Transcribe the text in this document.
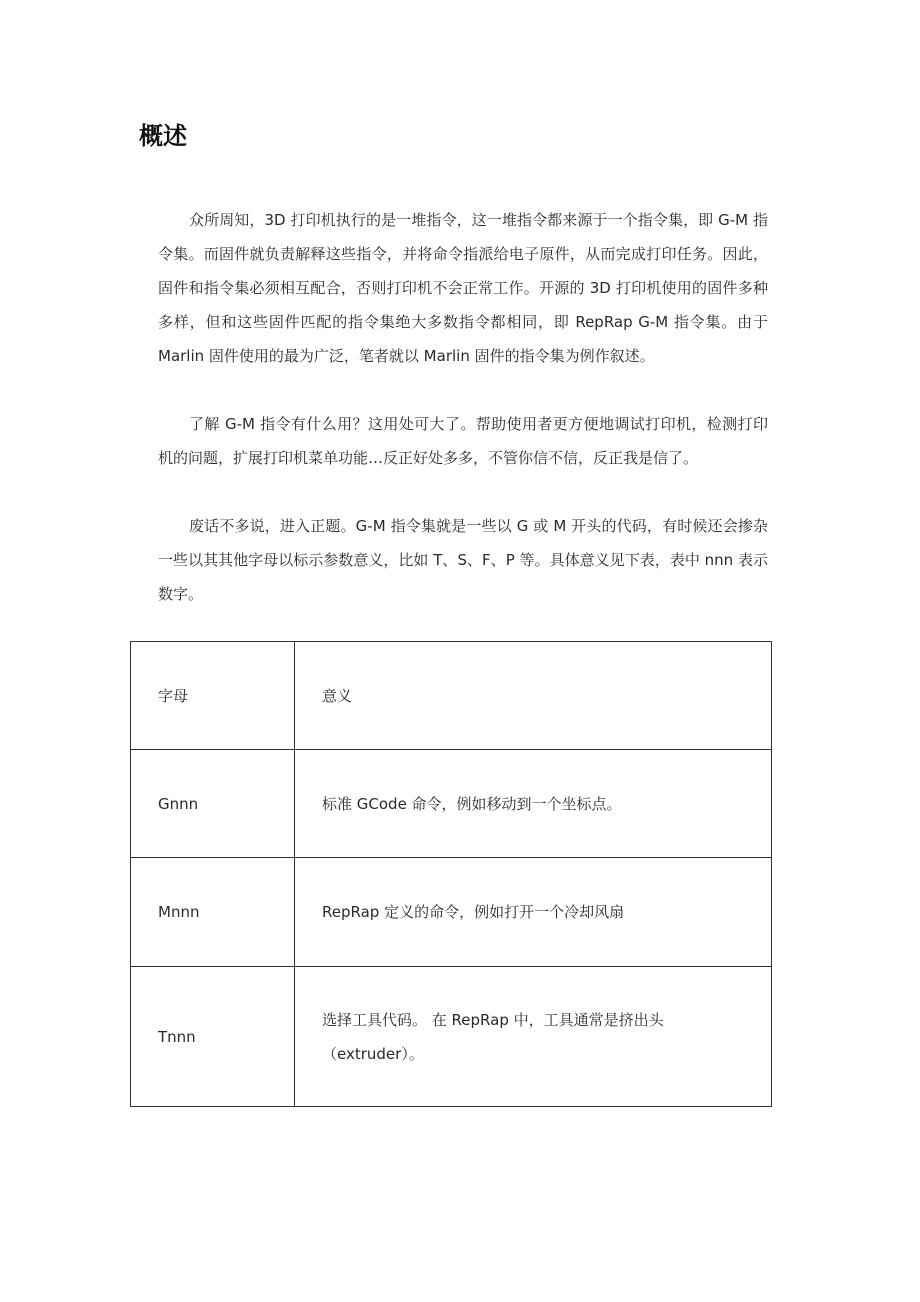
概述

众所周知，3D 打印机执行的是一堆指令，这一堆指令都来源于一个指令集，即 G-M 指令集。而固件就负责解释这些指令，并将命令指派给电子原件，从而完成打印任务。因此，固件和指令集必须相互配合，否则打印机不会正常工作。开源的 3D 打印机使用的固件多种多样，但和这些固件匹配的指令集绝大多数指令都相同，即 RepRap G-M 指令集。由于 Marlin 固件使用的最为广泛，笔者就以 Marlin 固件的指令集为例作叙述。

了解 G-M 指令有什么用？这用处可大了。帮助使用者更方便地调试打印机，检测打印机的问题，扩展打印机菜单功能…反正好处多多，不管你信不信，反正我是信了。

废话不多说，进入正题。G-M 指令集就是一些以 G 或 M 开头的代码，有时候还会掺杂一些以其其他字母以标示参数意义，比如 T、S、F、P 等。具体意义见下表，表中 nnn 表示数字。

字母	意义
Gnnn	标准 GCode 命令，例如移动到一个坐标点。
Mnnn	RepRap 定义的命令，例如打开一个冷却风扇
Tnnn	选择工具代码。 在 RepRap 中，工具通常是挤出头（extruder）。
